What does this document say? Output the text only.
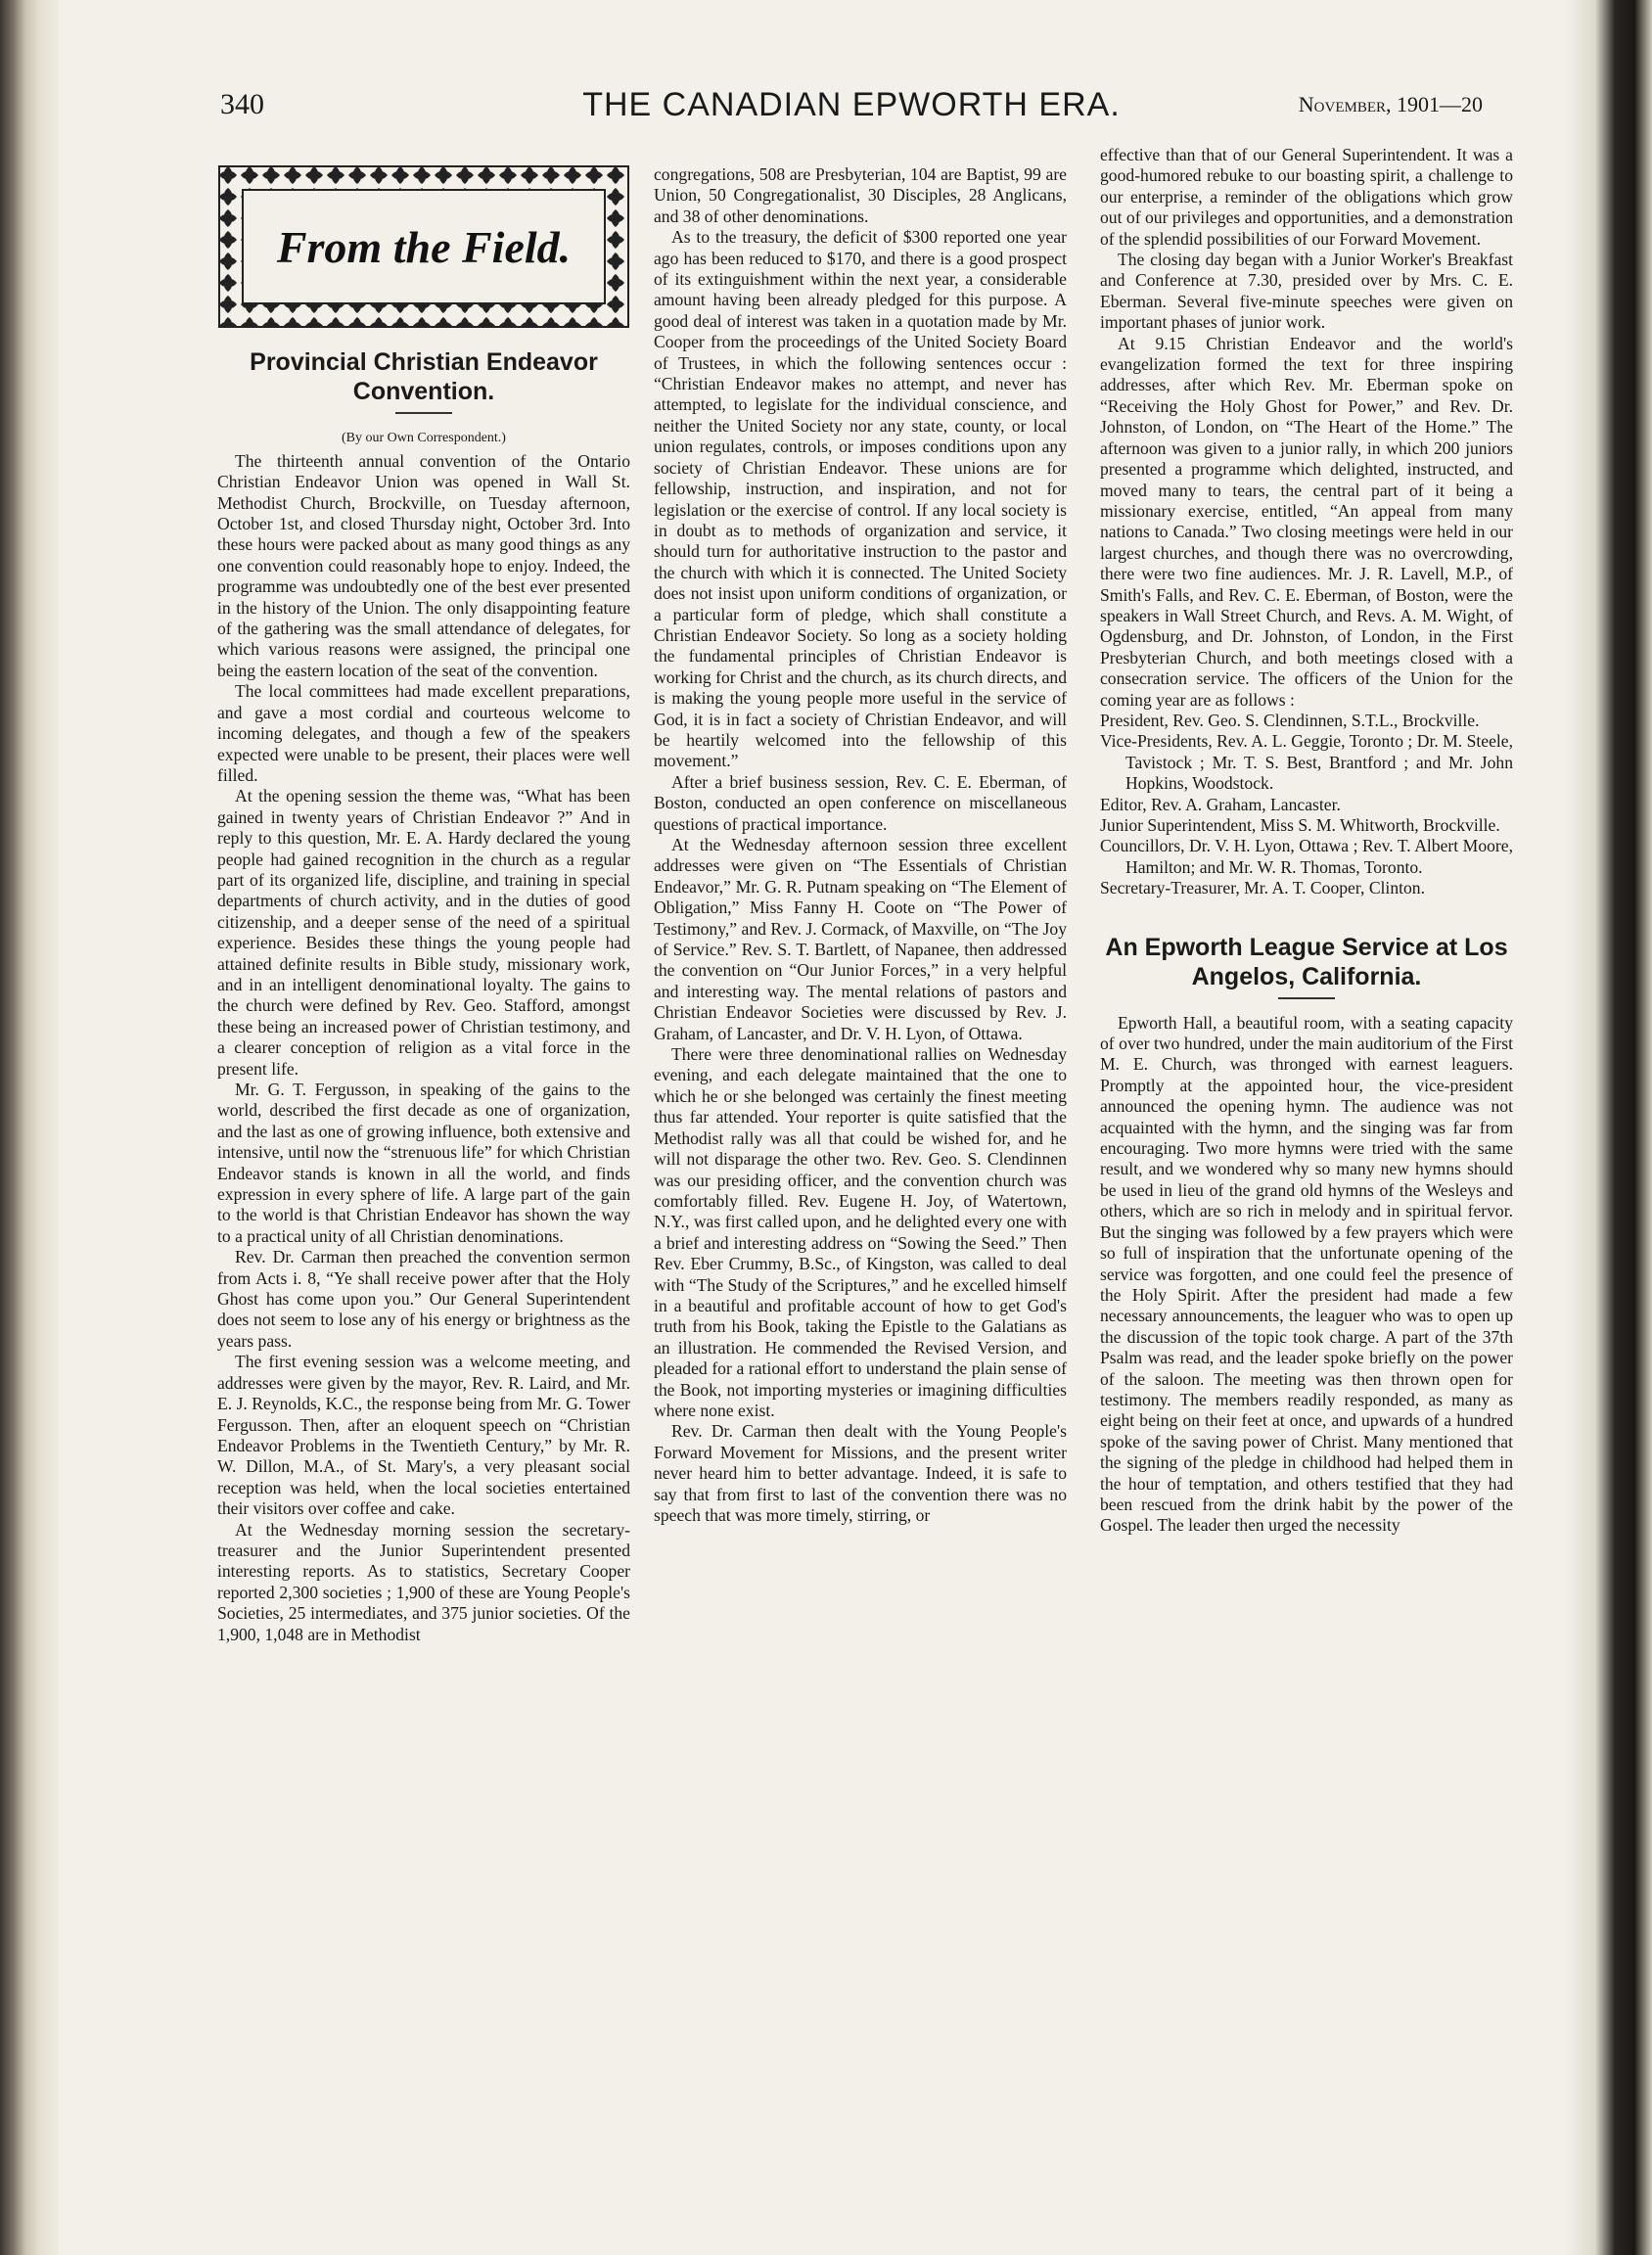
340	THE CANADIAN EPWORTH ERA.	November, 1901—20
From the Field.
Provincial Christian Endeavor Convention.
(By our Own Correspondent.)

The thirteenth annual convention of the Ontario Christian Endeavor Union was opened in Wall St. Methodist Church, Brockville, on Tuesday afternoon, October 1st, and closed Thursday night, October 3rd. Into these hours were packed about as many good things as any one convention could reasonably hope to enjoy. Indeed, the programme was undoubtedly one of the best ever presented in the history of the Union. The only disappointing feature of the gathering was the small attendance of delegates, for which various reasons were assigned, the principal one being the eastern location of the seat of the convention.

The local committees had made excellent preparations, and gave a most cordial and courteous welcome to incoming delegates, and though a few of the speakers expected were unable to be present, their places were well filled.

At the opening session the theme was, “What has been gained in twenty years of Christian Endeavor ?” And in reply to this question, Mr. E. A. Hardy declared the young people had gained recognition in the church as a regular part of its organized life, discipline, and training in special departments of church activity, and in the duties of good citizenship, and a deeper sense of the need of a spiritual experience. Besides these things the young people had attained definite results in Bible study, missionary work, and in an intelligent denominational loyalty. The gains to the church were defined by Rev. Geo. Stafford, amongst these being an increased power of Christian testimony, and a clearer conception of religion as a vital force in the present life.

Mr. G. T. Fergusson, in speaking of the gains to the world, described the first decade as one of organization, and the last as one of growing influence, both extensive and intensive, until now the “strenuous life” for which Christian Endeavor stands is known in all the world, and finds expression in every sphere of life. A large part of the gain to the world is that Christian Endeavor has shown the way to a practical unity of all Christian denominations.

Rev. Dr. Carman then preached the convention sermon from Acts i. 8, “Ye shall receive power after that the Holy Ghost has come upon you.” Our General Superintendent does not seem to lose any of his energy or brightness as the years pass.

The first evening session was a welcome meeting, and addresses were given by the mayor, Rev. R. Laird, and Mr. E. J. Reynolds, K.C., the response being from Mr. G. Tower Fergusson. Then, after an eloquent speech on “Christian Endeavor Problems in the Twentieth Century,” by Mr. R. W. Dillon, M.A., of St. Mary's, a very pleasant social reception was held, when the local societies entertained their visitors over coffee and cake.

At the Wednesday morning session the secretary-treasurer and the Junior Superintendent presented interesting reports. As to statistics, Secretary Cooper reported 2,300 societies ; 1,900 of these are Young People's Societies, 25 intermediates, and 375 junior societies. Of the 1,900, 1,048 are in Methodist

congregations, 508 are Presbyterian, 104 are Baptist, 99 are Union, 50 Congregationalist, 30 Disciples, 28 Anglicans, and 38 of other denominations.

As to the treasury, the deficit of $300 reported one year ago has been reduced to $170, and there is a good prospect of its extinguishment within the next year, a considerable amount having been already pledged for this purpose. A good deal of interest was taken in a quotation made by Mr. Cooper from the proceedings of the United Society Board of Trustees, in which the following sentences occur : “Christian Endeavor makes no attempt, and never has attempted, to legislate for the individual conscience, and neither the United Society nor any state, county, or local union regulates, controls, or imposes conditions upon any society of Christian Endeavor. These unions are for fellowship, instruction, and inspiration, and not for legislation or the exercise of control. If any local society is in doubt as to methods of organization and service, it should turn for authoritative instruction to the pastor and the church with which it is connected. The United Society does not insist upon uniform conditions of organization, or a particular form of pledge, which shall constitute a Christian Endeavor Society. So long as a society holding the fundamental principles of Christian Endeavor is working for Christ and the church, as its church directs, and is making the young people more useful in the service of God, it is in fact a society of Christian Endeavor, and will be heartily welcomed into the fellowship of this movement.”

After a brief business session, Rev. C. E. Eberman, of Boston, conducted an open conference on miscellaneous questions of practical importance.

At the Wednesday afternoon session three excellent addresses were given on “The Essentials of Christian Endeavor,” Mr. G. R. Putnam speaking on “The Element of Obligation,” Miss Fanny H. Coote on “The Power of Testimony,” and Rev. J. Cormack, of Maxville, on “The Joy of Service.” Rev. S. T. Bartlett, of Napanee, then addressed the convention on “Our Junior Forces,” in a very helpful and interesting way. The mental relations of pastors and Christian Endeavor Societies were discussed by Rev. J. Graham, of Lancaster, and Dr. V. H. Lyon, of Ottawa.

There were three denominational rallies on Wednesday evening, and each delegate maintained that the one to which he or she belonged was certainly the finest meeting thus far attended. Your reporter is quite satisfied that the Methodist rally was all that could be wished for, and he will not disparage the other two. Rev. Geo. S. Clendinnen was our presiding officer, and the convention church was comfortably filled. Rev. Eugene H. Joy, of Watertown, N.Y., was first called upon, and he delighted every one with a brief and interesting address on “Sowing the Seed.” Then Rev. Eber Crummy, B.Sc., of Kingston, was called to deal with “The Study of the Scriptures,” and he excelled himself in a beautiful and profitable account of how to get God's truth from his Book, taking the Epistle to the Galatians as an illustration. He commended the Revised Version, and pleaded for a rational effort to understand the plain sense of the Book, not importing mysteries or imagining difficulties where none exist.

Rev. Dr. Carman then dealt with the Young People's Forward Movement for Missions, and the present writer never heard him to better advantage. Indeed, it is safe to say that from first to last of the convention there was no speech that was more timely, stirring, or

effective than that of our General Superintendent. It was a good-humored rebuke to our boasting spirit, a challenge to our enterprise, a reminder of the obligations which grow out of our privileges and opportunities, and a demonstration of the splendid possibilities of our Forward Movement.

The closing day began with a Junior Worker's Breakfast and Conference at 7.30, presided over by Mrs. C. E. Eberman. Several five-minute speeches were given on important phases of junior work.

At 9.15 Christian Endeavor and the world's evangelization formed the text for three inspiring addresses, after which Rev. Mr. Eberman spoke on “Receiving the Holy Ghost for Power,” and Rev. Dr. Johnston, of London, on “The Heart of the Home.” The afternoon was given to a junior rally, in which 200 juniors presented a programme which delighted, instructed, and moved many to tears, the central part of it being a missionary exercise, entitled, “An appeal from many nations to Canada.” Two closing meetings were held in our largest churches, and though there was no overcrowding, there were two fine audiences. Mr. J. R. Lavell, M.P., of Smith's Falls, and Rev. C. E. Eberman, of Boston, were the speakers in Wall Street Church, and Revs. A. M. Wight, of Ogdensburg, and Dr. Johnston, of London, in the First Presbyterian Church, and both meetings closed with a consecration service. The officers of the Union for the coming year are as follows :

President, Rev. Geo. S. Clendinnen, S.T.L., Brockville.

Vice-Presidents, Rev. A. L. Geggie, Toronto ; Dr. M. Steele, Tavistock ; Mr. T. S. Best, Brantford ; and Mr. John Hopkins, Woodstock.

Editor, Rev. A. Graham, Lancaster.

Junior Superintendent, Miss S. M. Whitworth, Brockville.

Councillors, Dr. V. H. Lyon, Ottawa ; Rev. T. Albert Moore, Hamilton; and Mr. W. R. Thomas, Toronto.

Secretary-Treasurer, Mr. A. T. Cooper, Clinton.

An Epworth League Service at Los Angelos, California.

Epworth Hall, a beautiful room, with a seating capacity of over two hundred, under the main auditorium of the First M. E. Church, was thronged with earnest leaguers. Promptly at the appointed hour, the vice-president announced the opening hymn. The audience was not acquainted with the hymn, and the singing was far from encouraging. Two more hymns were tried with the same result, and we wondered why so many new hymns should be used in lieu of the grand old hymns of the Wesleys and others, which are so rich in melody and in spiritual fervor. But the singing was followed by a few prayers which were so full of inspiration that the unfortunate opening of the service was forgotten, and one could feel the presence of the Holy Spirit. After the president had made a few necessary announcements, the leaguer who was to open up the discussion of the topic took charge. A part of the 37th Psalm was read, and the leader spoke briefly on the power of the saloon. The meeting was then thrown open for testimony. The members readily responded, as many as eight being on their feet at once, and upwards of a hundred spoke of the saving power of Christ. Many mentioned that the signing of the pledge in childhood had helped them in the hour of temptation, and others testified that they had been rescued from the drink habit by the power of the Gospel. The leader then urged the necessity
